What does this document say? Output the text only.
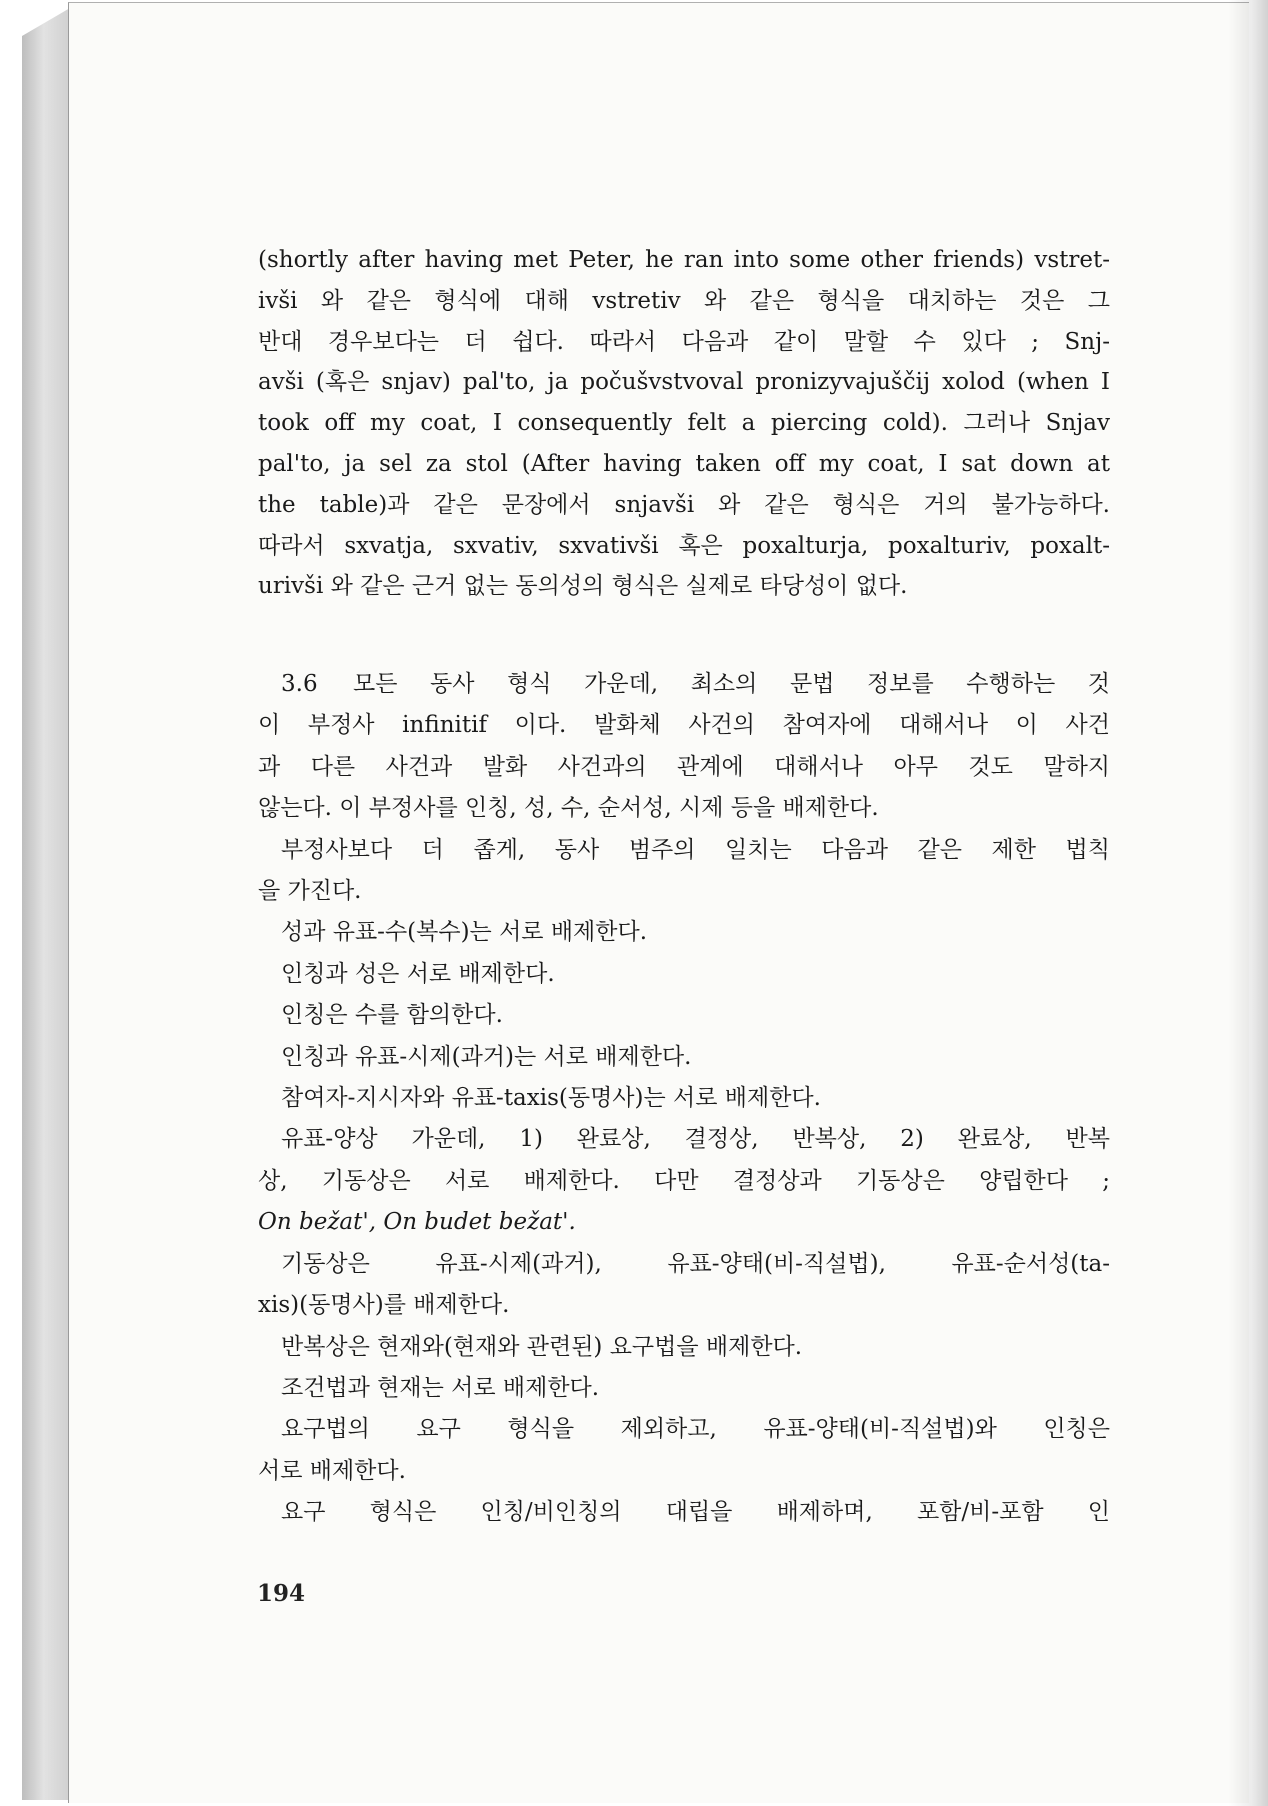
(shortly after having met Peter, he ran into some other friends) vstret-
ivši 와 같은 형식에 대해 vstretiv 와 같은 형식을 대치하는 것은 그
반대 경우보다는 더 쉽다. 따라서 다음과 같이 말할 수 있다 ; Snj-
avši (혹은 snjav) pal'to, ja počušvstvoval pronizyvajuščij xolod (when I
took off my coat, I consequently felt a piercing cold). 그러나 Snjav
pal'to, ja sel za stol (After having taken off my coat, I sat down at
the table)과 같은 문장에서 snjavši 와 같은 형식은 거의 불가능하다.
따라서 sxvatja, sxvativ, sxvativši 혹은 poxalturja, poxalturiv, poxalt-
urivši 와 같은 근거 없는 동의성의 형식은 실제로 타당성이 없다.
3.6 모든 동사 형식 가운데, 최소의 문법 정보를 수행하는 것
이 부정사 infinitif 이다. 발화체 사건의 참여자에 대해서나 이 사건
과 다른 사건과 발화 사건과의 관계에 대해서나 아무 것도 말하지
않는다. 이 부정사를 인칭, 성, 수, 순서성, 시제 등을 배제한다.
부정사보다 더 좁게, 동사 범주의 일치는 다음과 같은 제한 법칙
을 가진다.
성과 유표-수(복수)는 서로 배제한다.
인칭과 성은 서로 배제한다.
인칭은 수를 함의한다.
인칭과 유표-시제(과거)는 서로 배제한다.
참여자-지시자와 유표-taxis(동명사)는 서로 배제한다.
유표-양상 가운데, 1) 완료상, 결정상, 반복상, 2) 완료상, 반복
상, 기동상은 서로 배제한다. 다만 결정상과 기동상은 양립한다 ;
On bežat', On budet bežat'.
기동상은 유표-시제(과거), 유표-양태(비-직설법), 유표-순서성(ta-
xis)(동명사)를 배제한다.
반복상은 현재와(현재와 관련된) 요구법을 배제한다.
조건법과 현재는 서로 배제한다.
요구법의 요구 형식을 제외하고, 유표-양태(비-직설법)와 인칭은
서로 배제한다.
요구 형식은 인칭/비인칭의 대립을 배제하며, 포함/비-포함 인
194
